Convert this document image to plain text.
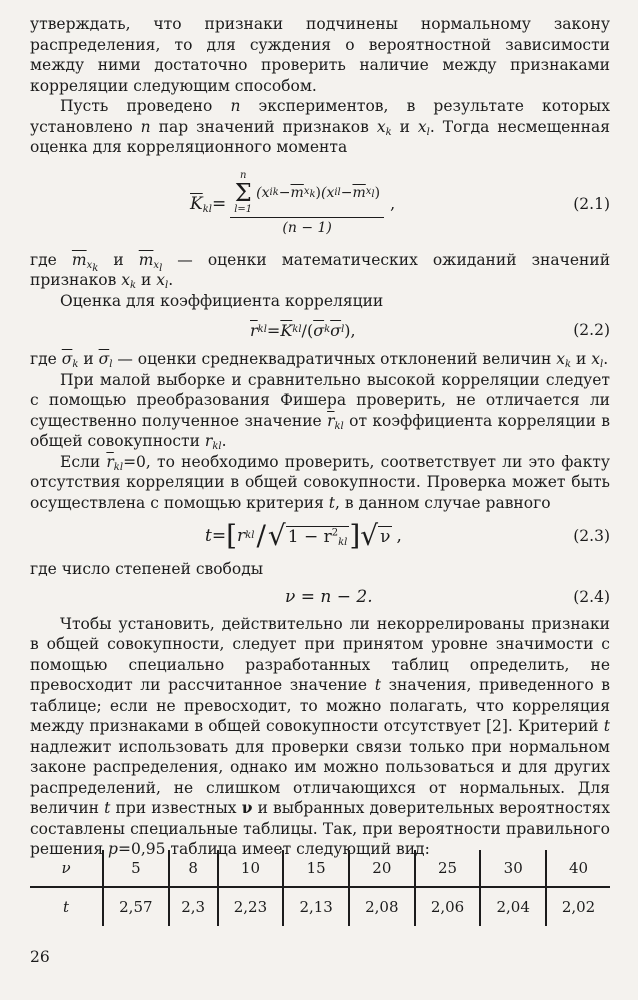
утверждать, что признаки подчинены нормальному закону распределения, то для суждения о вероятностной зависимости между ними достаточно проверить наличие между признаками корреляции следующим способом.

Пусть проведено n экспериментов, в результате которых установлено n пар значений признаков $x_k$ и $x_l$. Тогда несмещенная оценка для корреляционного момента

$\overline{K}_{kl}= n$
Σ
l=1
(x ik − $\overline{m}$ $x_k$ ) (x il − $\overline{m}$ $x_l$ )
(n − 1) ,	(2.1)

где $\overline{m}_{x_k}$ и $\overline{m}_{x_l}$ — оценки математических ожиданий значений признаков $x_k$ и $x_l$.

Оценка для коэффициента корреляции

$\overline{r}$ kl = $\overline{K}$ kl /( $\overline{\sigma}$ k $\overline{\sigma}$ l ),	(2.2)

где $\overline{\sigma}_k$ и $\overline{\sigma}_l$ — оценки среднеквадратичных отклонений величин $x_k$ и $x_l$.

При малой выборке и сравнительно высокой корреляции следует с помощью преобразования Фишера проверить, не отличается ли существенно полученное значение $\overline{r}_{kl}$ от коэффициента корреляции в общей совокупности $r_{kl}$.

Если $\overline{r}_{kl}=0$, то необходимо проверить, соответствует ли это факту отсутствия корреляции в общей совокупности. Проверка может быть осуществлена с помощью критерия t, в данном случае равного

t = [ r kl / √ $1 - r^2_{kl}$ ] √ ν ,	(2.3)

где число степеней свободы

ν = n − 2.	(2.4)

Чтобы установить, действительно ли некоррелированы признаки в общей совокупности, следует при принятом уровне значимости с помощью специально разработанных таблиц определить, не превосходит ли рассчитанное значение t значения, приведенного в таблице; если не превосходит, то можно полагать, что корреляция между признаками в общей совокупности отсутствует [2]. Критерий t надлежит использовать для проверки связи только при нормальном законе распределения, однако им можно пользоваться и для других распределений, не слишком отличающихся от нормальных. Для величин t при известных ν и выбранных доверительных вероятностях составлены специальные таблицы. Так, при вероятности правильного решения p=0,95 таблица имеет следующий вид:

ν	5	8	10	15	20	25	30	40
t	2,57	2,3	2,23	2,13	2,08	2,06	2,04	2,02
26
